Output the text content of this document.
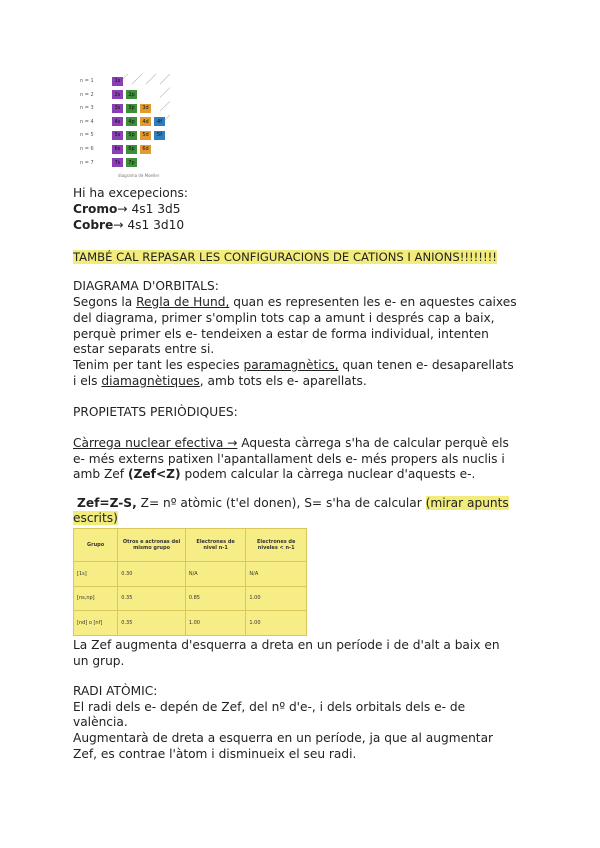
diagrama de Moeller
n = 1	1s
n = 2	2s	2p
n = 3	3s	3p	3d
n = 4	4s	4p	4d	4f
n = 5	5s	5p	5d	5f
n = 6	6s	6p	6d
n = 7	7s	7p
Hi ha excepecions:
Cromo→ 4s1 3d5
Cobre→ 4s1 3d10
TAMBÉ CAL REPASAR LES CONFIGURACIONS DE CATIONS I ANIONS!!!!!!!!
DIAGRAMA D'ORBITALS:
Segons la Regla de Hund, quan es representen les e- en aquestes caixes
del diagrama, primer s'omplin tots cap a amunt i després cap a baix,
perquè primer els e- tendeixen a estar de forma individual, intenten
estar separats entre si.
Tenim per tant les especies paramagnètics, quan tenen e- desaparellats
i els diamagnètiques, amb tots els e- aparellats.
PROPIETATS PERIÒDIQUES:
Càrrega nuclear efectiva → Aquesta càrrega s'ha de calcular perquè els
e- més externs patixen l'apantallament dels e- més propers als nuclis i
amb Zef (Zef<Z) podem calcular la càrrega nuclear d'aquests e-.
Zef=Z-S, Z= nº atòmic (t'el donen), S= s'ha de calcular (mirar apunts
escrits)
Grupo	Otros e actronas del mismo grupo	Electrones de nivel n-1	Electrones de niveles < n-1
[1s]	0.30	N/A	N/A
[ns,np]	0.35	0.85	1.00
[nd] o [nf]	0.35	1.00	1.00
La Zef augmenta d'esquerra a dreta en un període i de d'alt a baix en
un grup.
RADI ATÒMIC:
El radi dels e- depén de Zef, del nº d'e-, i dels orbitals dels e- de
valència.
Augmentarà de dreta a esquerra en un període, ja que al augmentar
Zef, es contrae l'àtom i disminueix el seu radi.
